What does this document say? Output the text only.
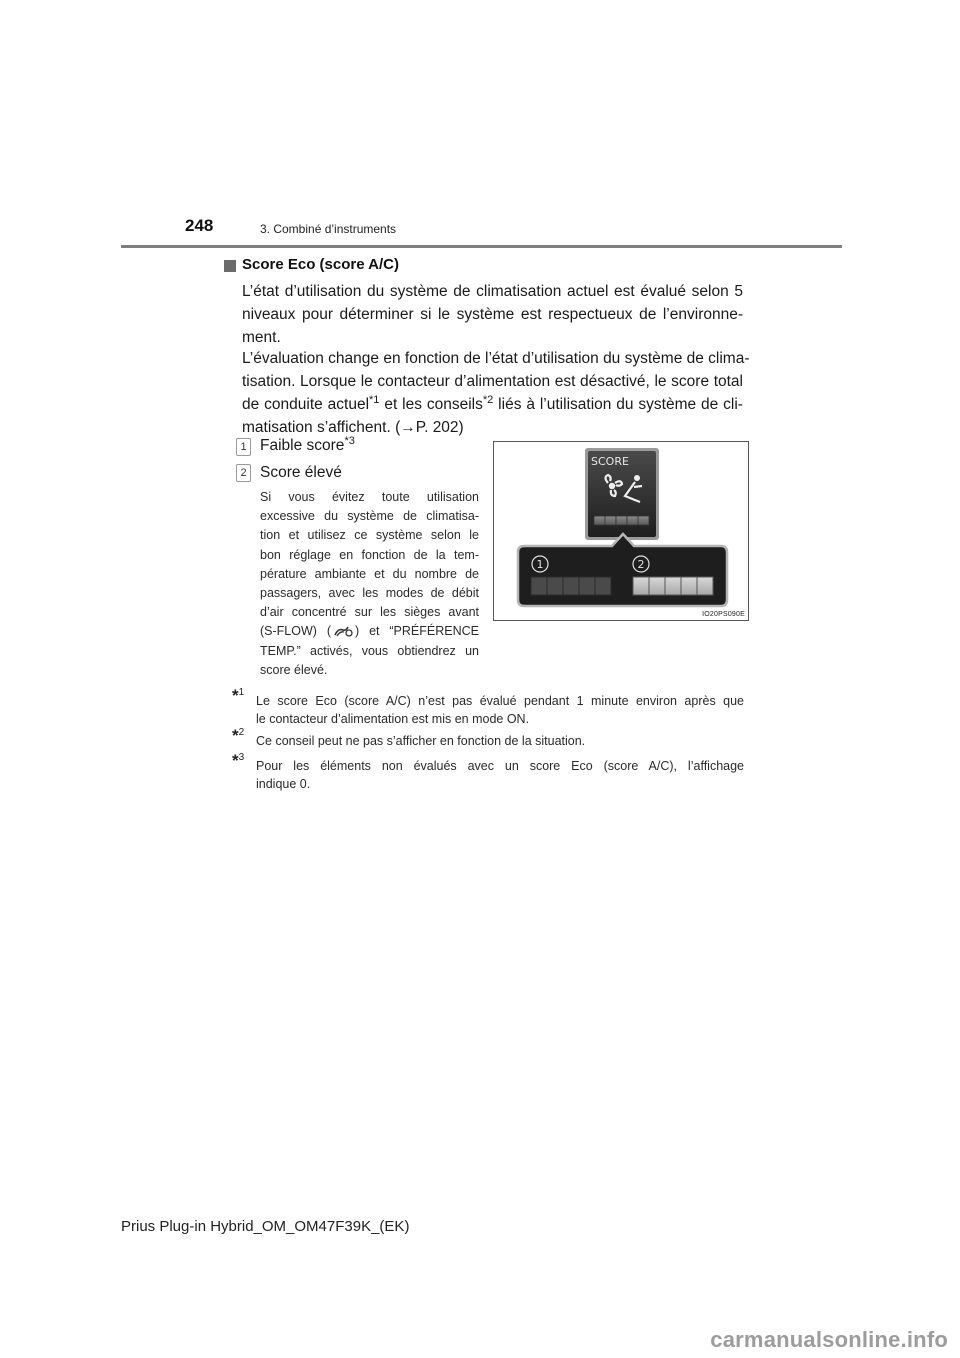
248	3. Combiné d’instruments
Score Eco (score A/C)
L’état d’utilisation du système de climatisation actuel est évalué selon 5
niveaux pour déterminer si le système est respectueux de l’environne-
ment.
L’évaluation change en fonction de l’état d’utilisation du système de clima-
tisation. Lorsque le contacteur d’alimentation est désactivé, le score total
de conduite actuel$^{*1}$ et les conseils$^{*2}$ liés à l’utilisation du système de cli-
matisation s’affichent. (→P. 202)
1 Faible score$^{*3}$
2 Score élevé
Si vous évitez toute utilisation
excessive du système de climatisa-
tion et utilisez ce système selon le
bon réglage en fonction de la tem-
pérature ambiante et du nombre de
passagers, avec les modes de débit
d’air concentré sur les sièges avant
(S-FLOW) ( ) et “PRÉFÉRENCE
TEMP.” activés, vous obtiendrez un
score élevé.
SCORE
1	2
IO20PS090E
*$^1$
Le score Eco (score A/C) n’est pas évalué pendant 1 minute environ après que
le contacteur d’alimentation est mis en mode ON.
*$^2$
Ce conseil peut ne pas s’afficher en fonction de la situation.
*$^3$
Pour les éléments non évalués avec un score Eco (score A/C), l’affichage
indique 0.
Prius Plug-in Hybrid_OM_OM47F39K_(EK)
carmanualsonline.info
